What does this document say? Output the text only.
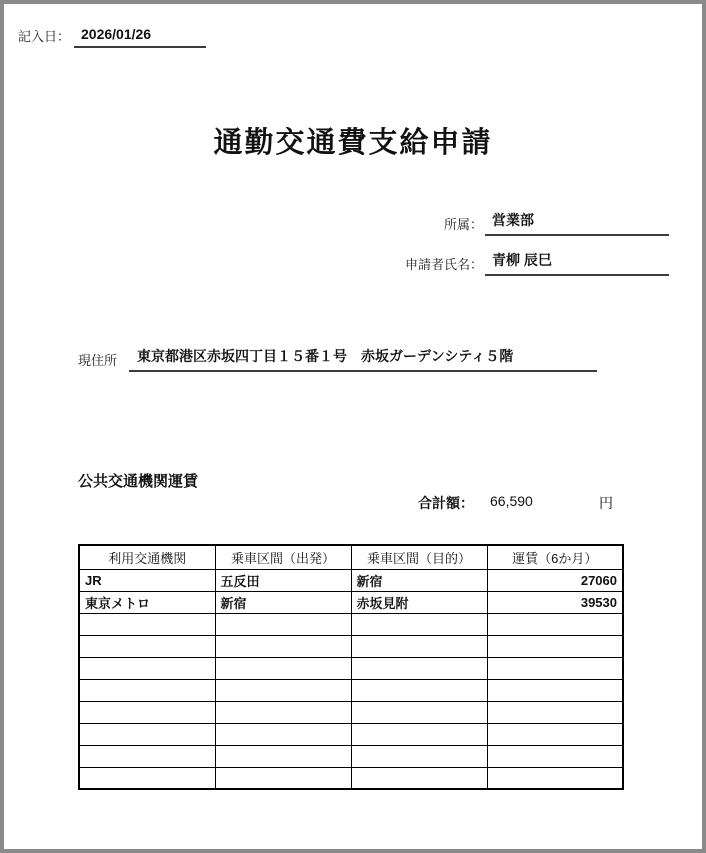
記入日： 2026/01/26
通勤交通費支給申請
所属： 営業部
申請者氏名： 青柳 辰巳
現住所	東京都港区赤坂四丁目１５番１号　赤坂ガーデンシティ５階
公共交通機関運賃
合計額： 66,590	円
利用交通機関	乗車区間（出発）	乗車区間（目的）	運賃（6か月）
JR	五反田	新宿	27060
東京メトロ	新宿	赤坂見附	39530
